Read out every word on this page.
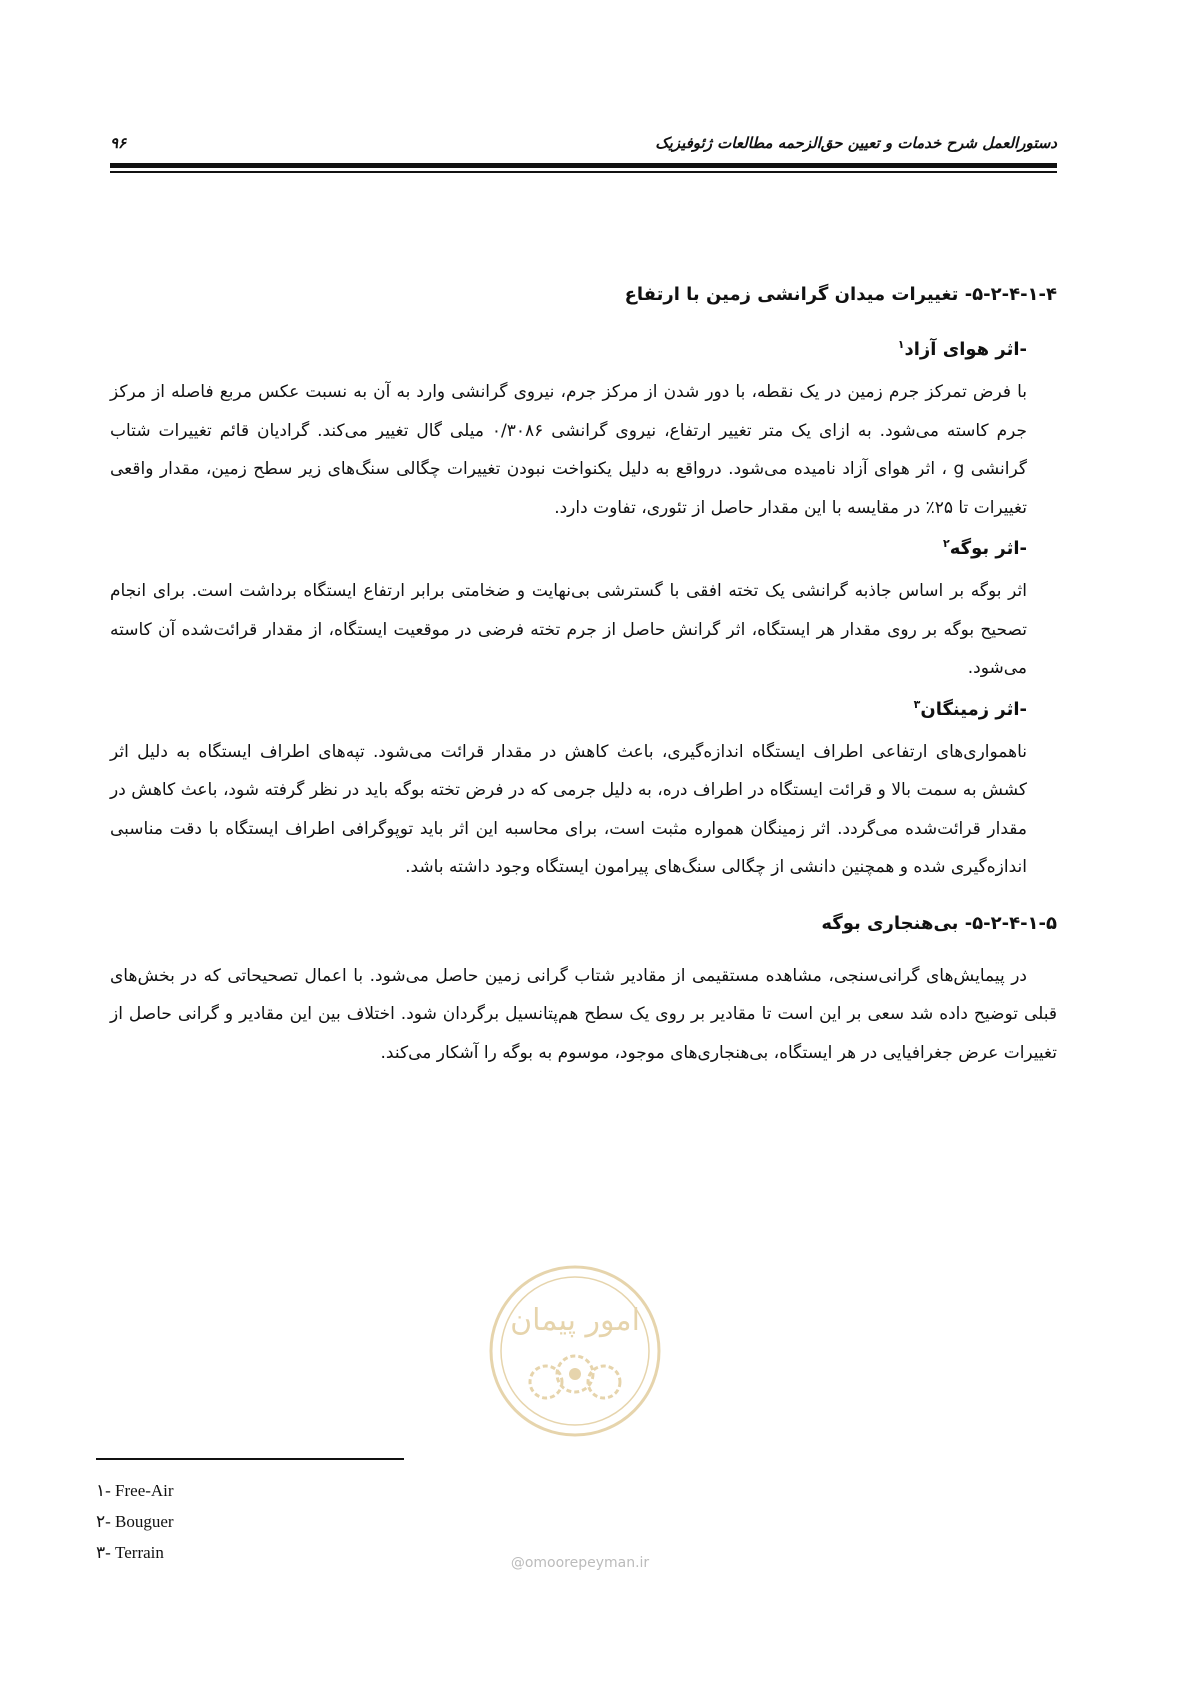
۹۶	دستورالعمل شرح خدمات و تعیین حق‌الزحمه مطالعات ژئوفیزیک
۵-۲-۴-۱-۴- تغییرات میدان گرانشی زمین با ارتفاع
-اثر هوای آزاد$^۱$

با فرض تمرکز جرم زمین در یک نقطه، با دور شدن از مرکز جرم، نیروی گرانشی وارد به آن به نسبت عکس مربع فاصله از مرکز جرم کاسته می‌شود. به ازای یک متر تغییر ارتفاع، نیروی گرانشی ۰/۳۰۸۶ میلی گال تغییر می‌کند. گرادیان قائم تغییرات شتاب گرانشی g ، اثر هوای آزاد نامیده می‌شود. درواقع به دلیل یکنواخت نبودن تغییرات چگالی سنگ‌های زیر سطح زمین، مقدار واقعی تغییرات تا ۲۵٪ در مقایسه با این مقدار حاصل از تئوری، تفاوت دارد.

-اثر بوگه$^۲$

اثر بوگه بر اساس جاذبه گرانشی یک تخته افقی با گسترشی بی‌نهایت و ضخامتی برابر ارتفاع ایستگاه برداشت است. برای انجام تصحیح بوگه بر روی مقدار هر ایستگاه، اثر گرانش حاصل از جرم تخته فرضی در موقعیت ایستگاه، از مقدار قرائت‌شده آن کاسته می‌شود.

-اثر زمینگان$^۳$

ناهمواری‌های ارتفاعی اطراف ایستگاه اندازه‌گیری، باعث کاهش در مقدار قرائت می‌شود. تپه‌های اطراف ایستگاه به دلیل اثر کشش به سمت بالا و قرائت ایستگاه در اطراف دره، به دلیل جرمی که در فرض تخته بوگه باید در نظر گرفته شود، باعث کاهش در مقدار قرائت‌شده می‌گردد. اثر زمینگان همواره مثبت است، برای محاسبه این اثر باید توپوگرافی اطراف ایستگاه با دقت مناسبی اندازه‌گیری شده و همچنین دانشی از چگالی سنگ‌های پیرامون ایستگاه وجود داشته باشد.

۵-۲-۴-۱-۵- بی‌هنجاری بوگه

در پیمایش‌های گرانی‌سنجی، مشاهده مستقیمی از مقادیر شتاب گرانی زمین حاصل می‌شود. با اعمال تصحیحاتی که در بخش‌های قبلی توضیح داده شد سعی بر این است تا مقادیر بر روی یک سطح هم‌پتانسیل برگردان شود. اختلاف بین این مقادیر و گرانی حاصل از تغییرات عرض جغرافیایی در هر ایستگاه، بی‌هنجاری‌های موجود، موسوم به بوگه را آشکار می‌کند.

امور پیمان
@omoorepeyman.ir
۱- Free-Air
۲- Bouguer
۳- Terrain
